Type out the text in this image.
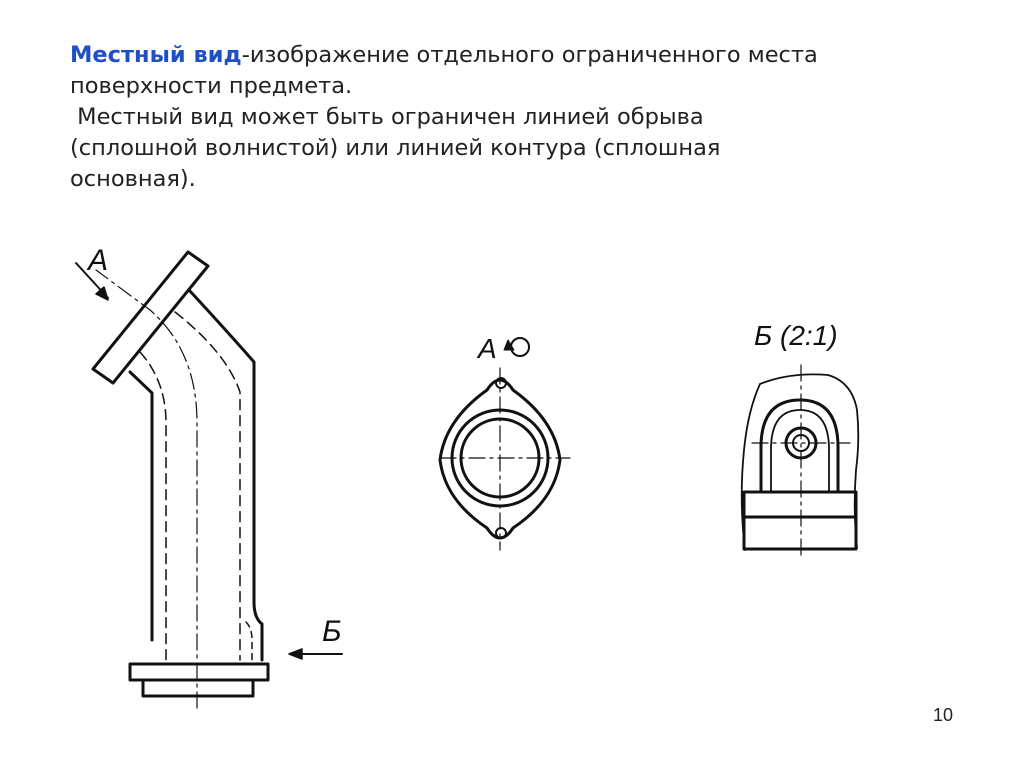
Местный вид-изображение отдельного ограниченного места поверхности предмета.

Местный вид может быть ограничен линией обрыва

(сплошной волнистой) или линией контура (сплошная

основная).

А
Б
А	Б (2:1)
10
